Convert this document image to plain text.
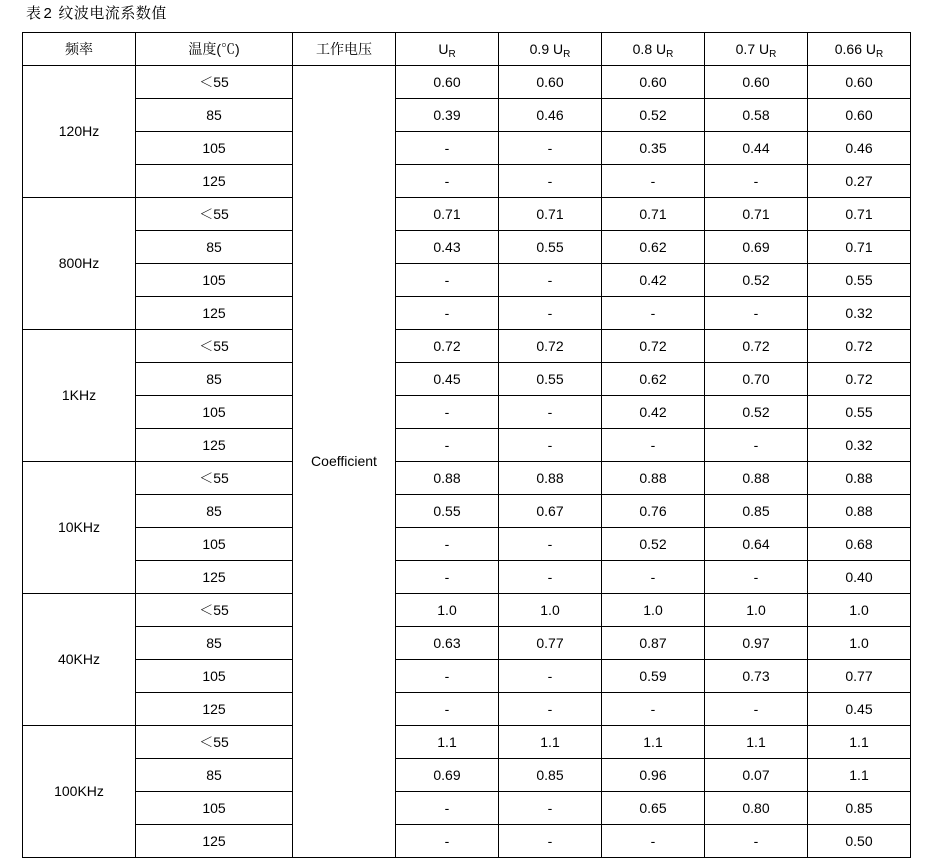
表 2 纹波电流系数值
频率	温度(℃)	工作电压	$U_R$	0.9 $U_R$	0.8 $U_R$	0.7 $U_R$	0.66 $U_R$
120Hz	＜55	Coefficient	0.60	0.60	0.60	0.60	0.60
	85		0.39	0.46	0.52	0.58	0.60
	105		-	-	0.35	0.44	0.46
	125		-	-	-	-	0.27
800Hz	＜55		0.71	0.71	0.71	0.71	0.71
	85		0.43	0.55	0.62	0.69	0.71
	105		-	-	0.42	0.52	0.55
	125		-	-	-	-	0.32
1KHz	＜55		0.72	0.72	0.72	0.72	0.72
	85		0.45	0.55	0.62	0.70	0.72
	105		-	-	0.42	0.52	0.55
	125		-	-	-	-	0.32
10KHz	＜55		0.88	0.88	0.88	0.88	0.88
	85		0.55	0.67	0.76	0.85	0.88
	105		-	-	0.52	0.64	0.68
	125		-	-	-	-	0.40
40KHz	＜55		1.0	1.0	1.0	1.0	1.0
	85		0.63	0.77	0.87	0.97	1.0
	105		-	-	0.59	0.73	0.77
	125		-	-	-	-	0.45
100KHz	＜55		1.1	1.1	1.1	1.1	1.1
	85		0.69	0.85	0.96	0.07	1.1
	105		-	-	0.65	0.80	0.85
	125		-	-	-	-	0.50
